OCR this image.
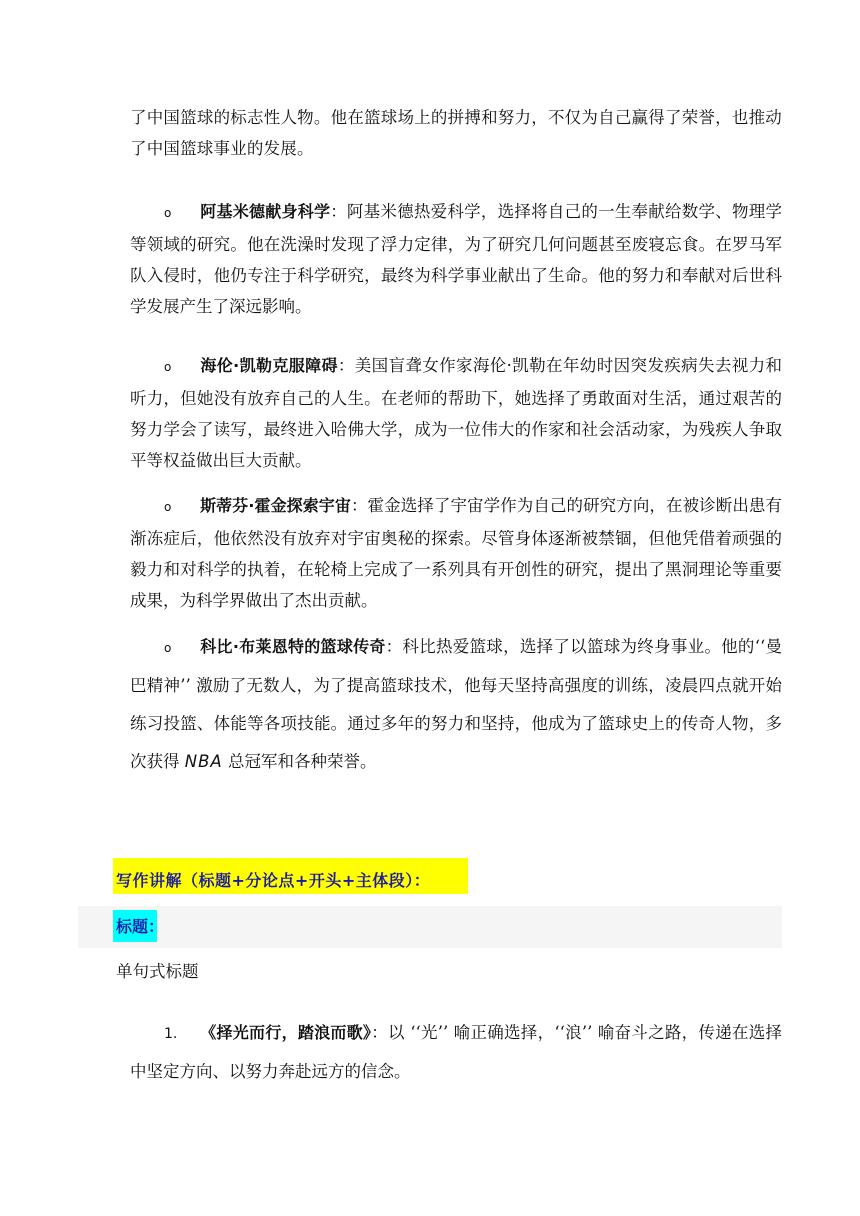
了中国篮球的标志性人物。他在篮球场上的拼搏和努力，不仅为自己赢得了荣誉，也推动了中国篮球事业的发展。

o 阿基米德献身科学：阿基米德热爱科学，选择将自己的一生奉献给数学、物理学等领域的研究。他在洗澡时发现了浮力定律，为了研究几何问题甚至废寝忘食。在罗马军队入侵时，他仍专注于科学研究，最终为科学事业献出了生命。他的努力和奉献对后世科学发展产生了深远影响。

o 海伦·凯勒克服障碍：美国盲聋女作家海伦·凯勒在年幼时因突发疾病失去视力和听力，但她没有放弃自己的人生。在老师的帮助下，她选择了勇敢面对生活，通过艰苦的努力学会了读写，最终进入哈佛大学，成为一位伟大的作家和社会活动家，为残疾人争取平等权益做出巨大贡献。

o 斯蒂芬·霍金探索宇宙：霍金选择了宇宙学作为自己的研究方向，在被诊断出患有渐冻症后，他依然没有放弃对宇宙奥秘的探索。尽管身体逐渐被禁锢，但他凭借着顽强的毅力和对科学的执着，在轮椅上完成了一系列具有开创性的研究，提出了黑洞理论等重要成果，为科学界做出了杰出贡献。

o 科比·布莱恩特的篮球传奇：科比热爱篮球，选择了以篮球为终身事业。他的‘‘曼巴精神’’ 激励了无数人，为了提高篮球技术，他每天坚持高强度的训练，凌晨四点就开始练习投篮、体能等各项技能。通过多年的努力和坚持，他成为了篮球史上的传奇人物，多次获得 NBA 总冠军和各种荣誉。

写作讲解（标题+分论点+开头+主体段）：
标题：
单句式标题

1. 《择光而行，踏浪而歌》：以 ‘‘光’’ 喻正确选择，‘‘浪’’ 喻奋斗之路，传递在选择中坚定方向、以努力奔赴远方的信念。
